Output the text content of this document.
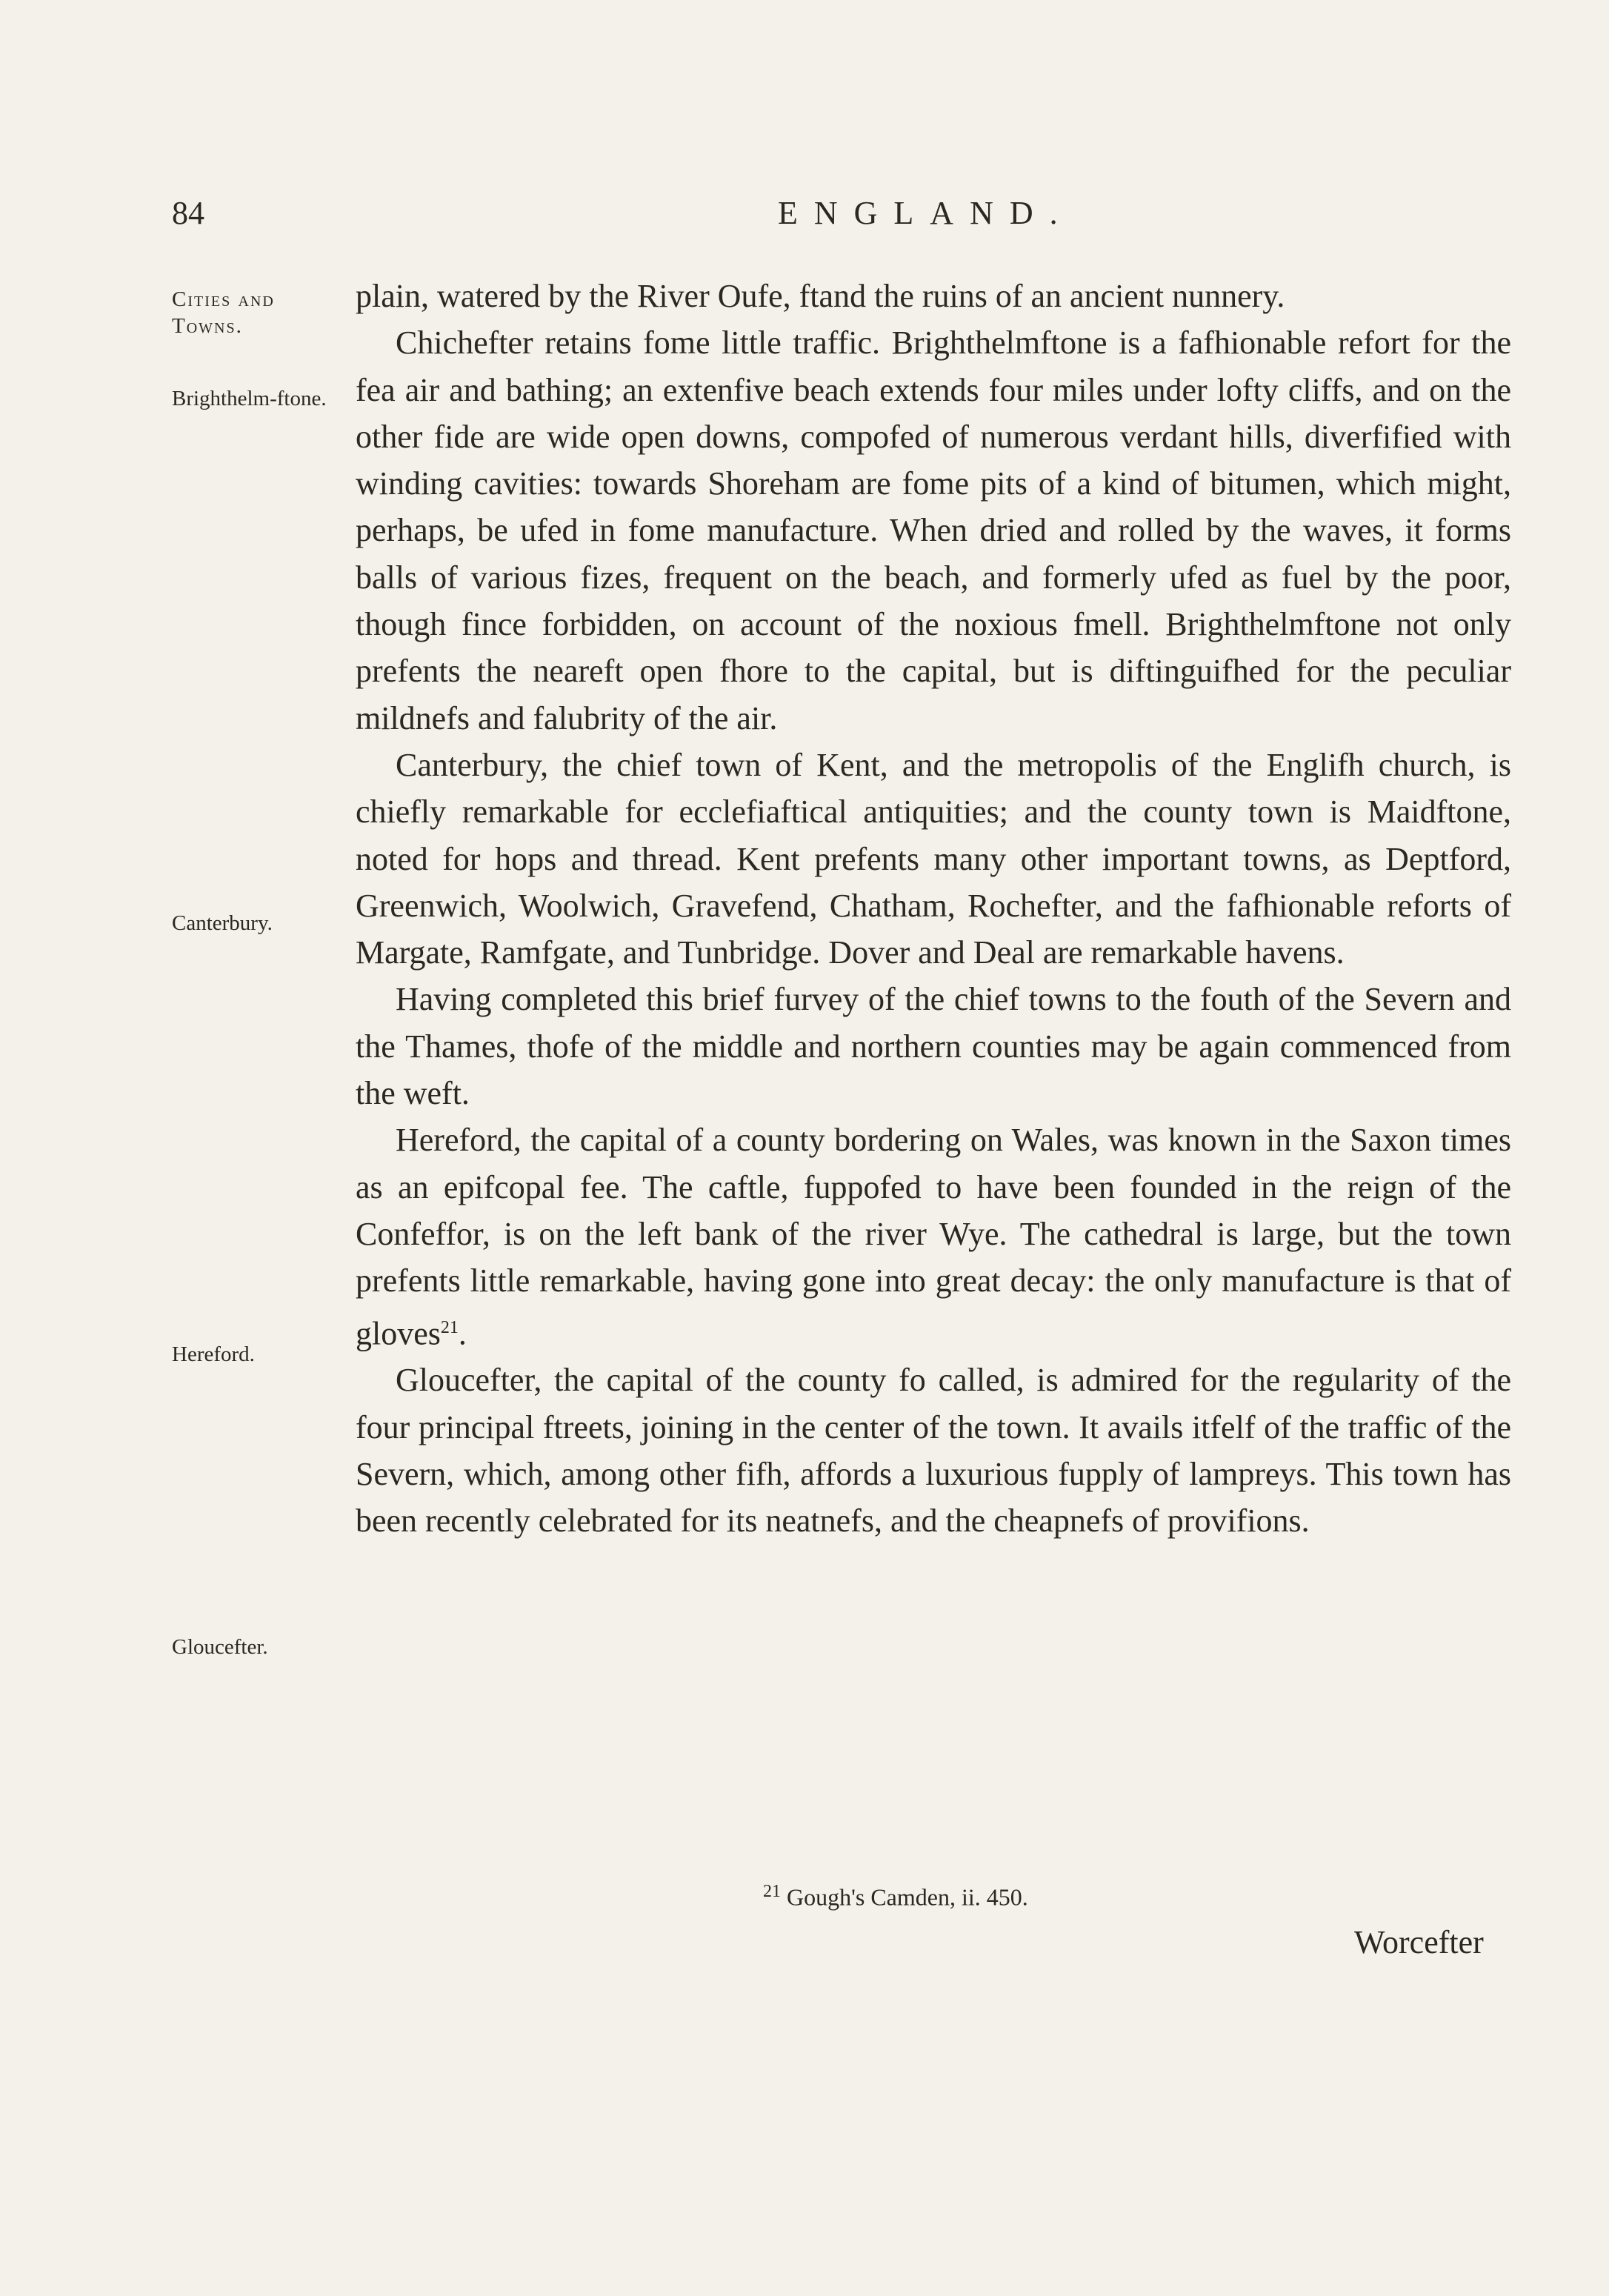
84	ENGLAND.
Cities and Towns.
Brighthelm-ftone.
Canterbury.
Hereford.
Gloucefter.

plain, watered by the River Oufe, ftand the ruins of an ancient nunnery.

Chichefter retains fome little traffic. Brighthelmftone is a fafhionable refort for the fea air and bathing; an extenfive beach extends four miles under lofty cliffs, and on the other fide are wide open downs, compofed of numerous verdant hills, diverfified with winding cavities: towards Shoreham are fome pits of a kind of bitumen, which might, perhaps, be ufed in fome manufacture. When dried and rolled by the waves, it forms balls of various fizes, frequent on the beach, and formerly ufed as fuel by the poor, though fince forbidden, on account of the noxious fmell. Brighthelmftone not only prefents the neareft open fhore to the capital, but is diftinguifhed for the peculiar mildnefs and falubrity of the air.

Canterbury, the chief town of Kent, and the metropolis of the Englifh church, is chiefly remarkable for ecclefiaftical antiquities; and the county town is Maidftone, noted for hops and thread. Kent prefents many other important towns, as Deptford, Greenwich, Woolwich, Gravefend, Chatham, Rochefter, and the fafhionable reforts of Margate, Ramfgate, and Tunbridge. Dover and Deal are remarkable havens.

Having completed this brief furvey of the chief towns to the fouth of the Severn and the Thames, thofe of the middle and northern counties may be again commenced from the weft.

Hereford, the capital of a county bordering on Wales, was known in the Saxon times as an epifcopal fee. The caftle, fuppofed to have been founded in the reign of the Confeffor, is on the left bank of the river Wye. The cathedral is large, but the town prefents little remarkable, having gone into great decay: the only manufacture is that of gloves$^{21}$.

Gloucefter, the capital of the county fo called, is admired for the regularity of the four principal ftreets, joining in the center of the town. It avails itfelf of the traffic of the Severn, which, among other fifh, affords a luxurious fupply of lampreys. This town has been recently celebrated for its neatnefs, and the cheapnefs of provifions.

$^{21}$ Gough's Camden, ii. 450.
Worcefter
